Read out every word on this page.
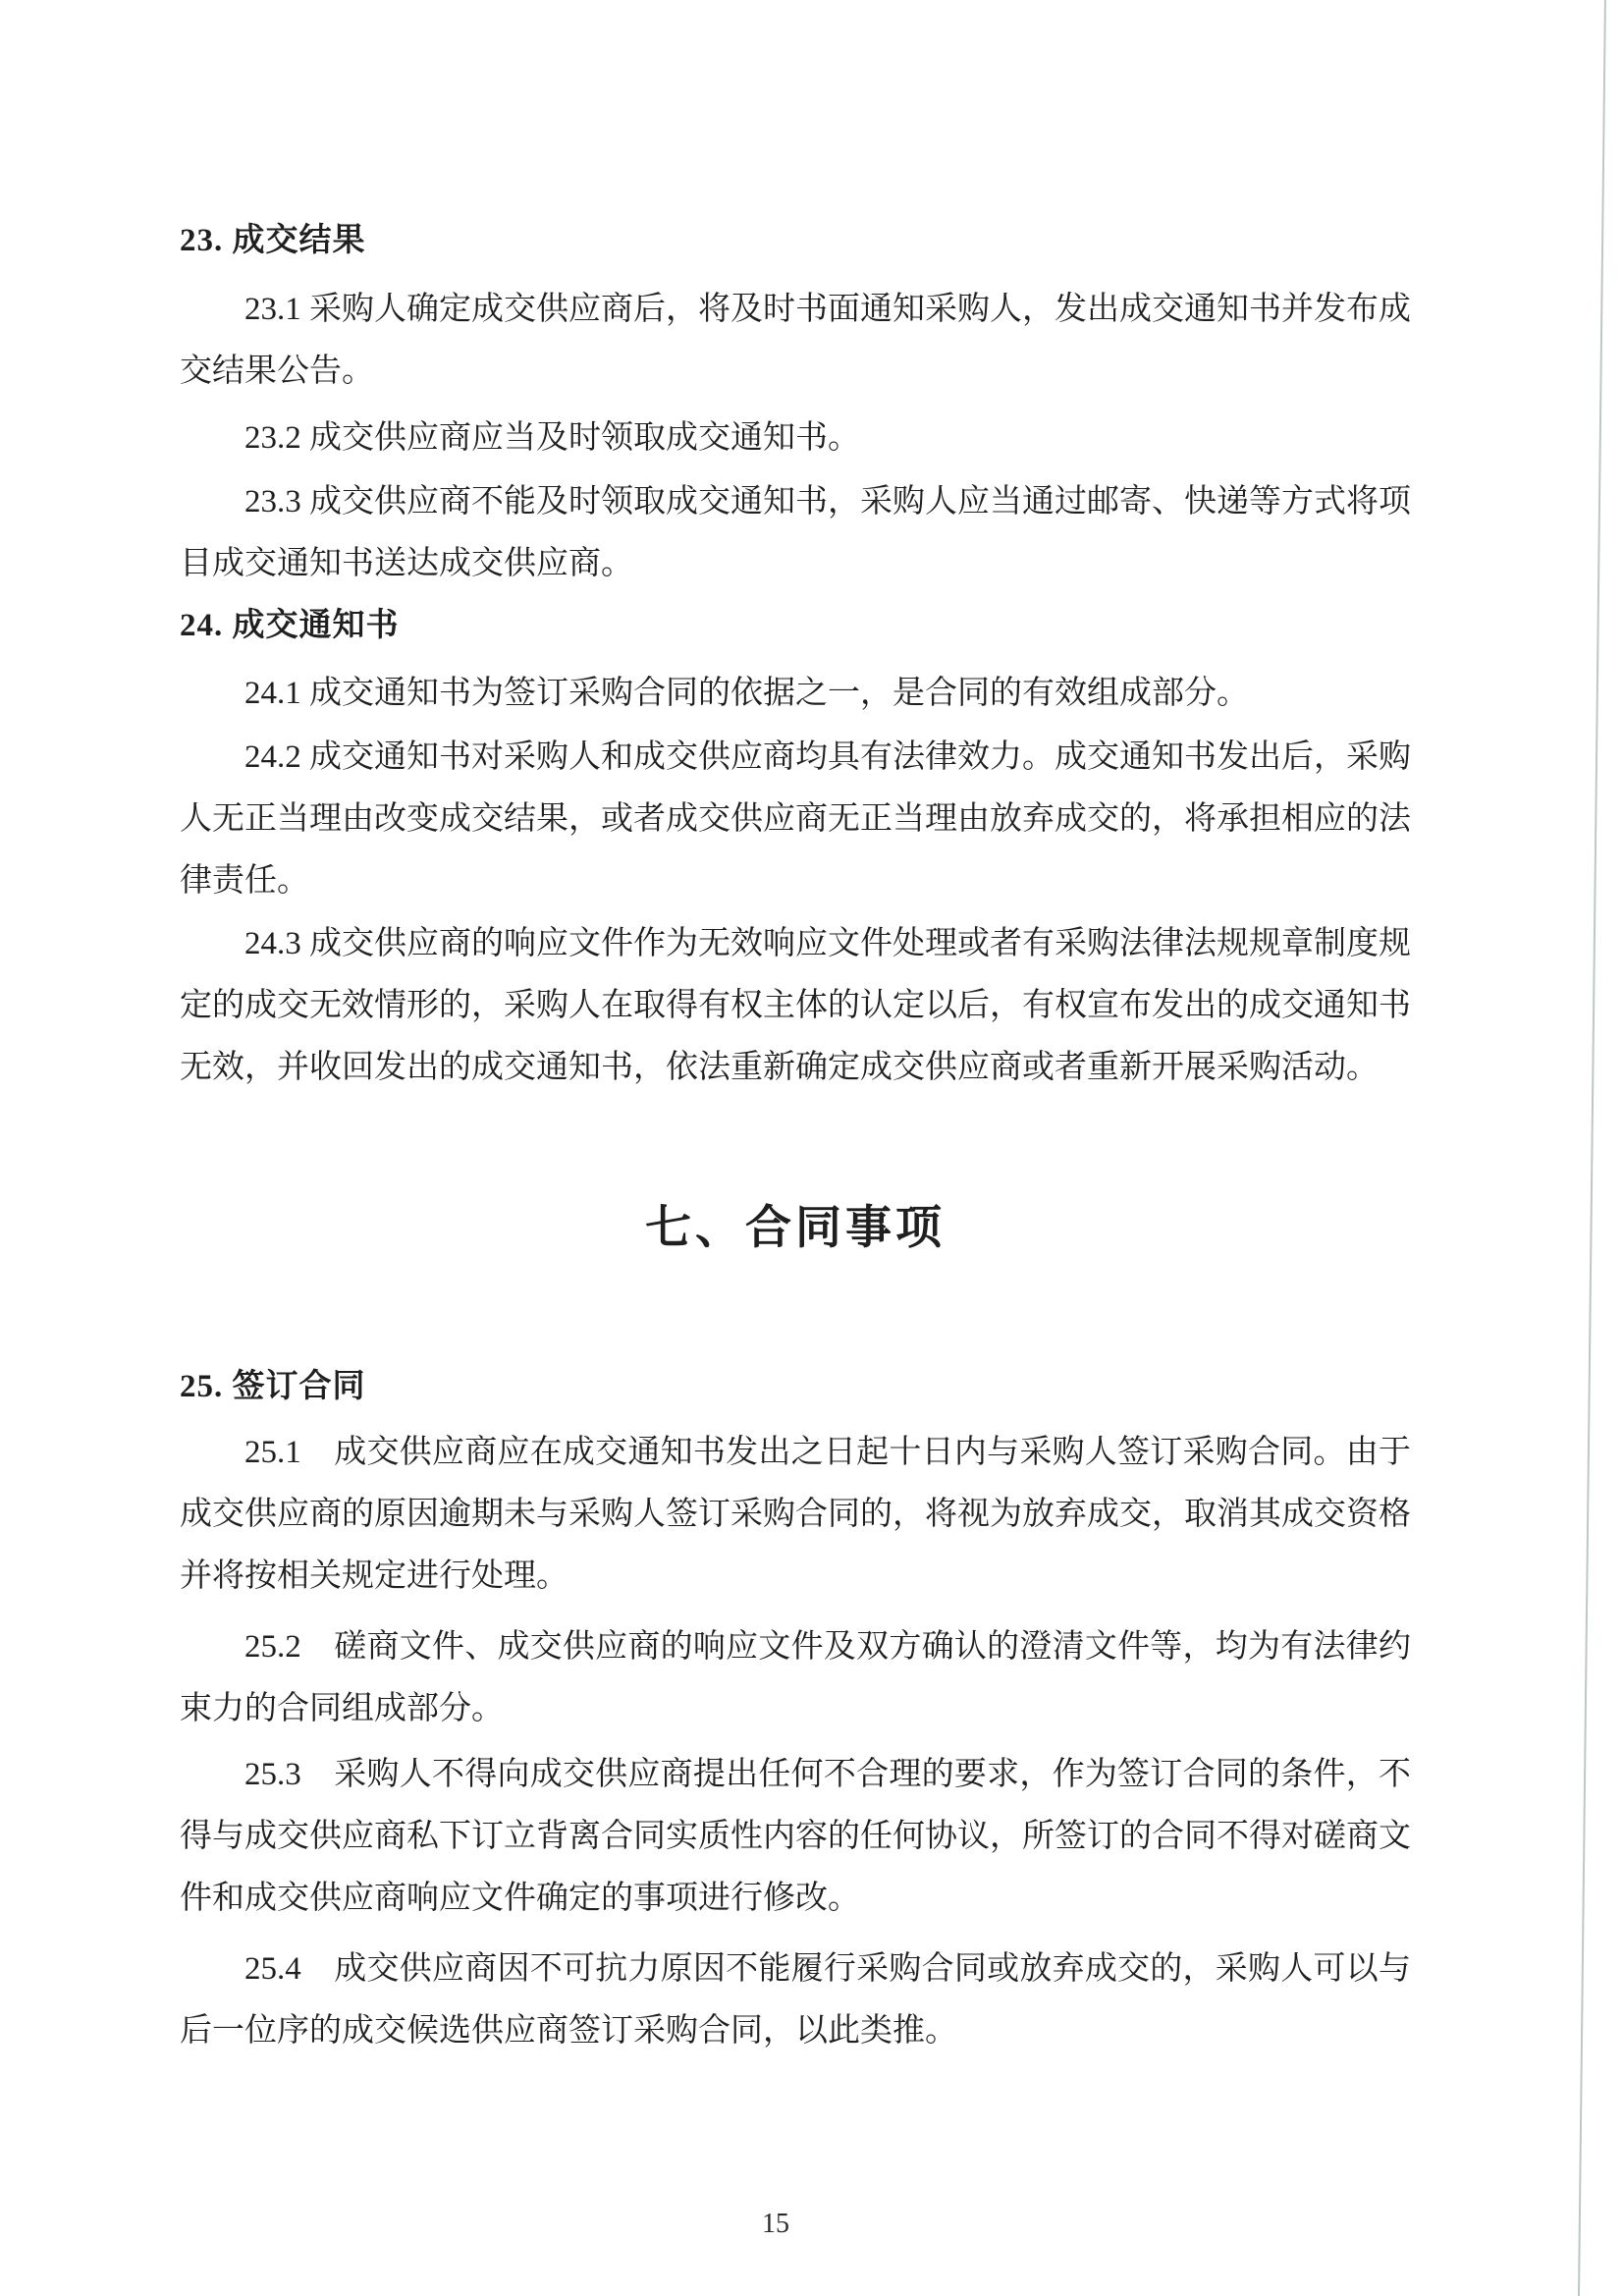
23. 成交结果

23.1 采购人确定成交供应商后，将及时书面通知采购人，发出成交通知书并发布成交结果公告。

23.2 成交供应商应当及时领取成交通知书。

23.3 成交供应商不能及时领取成交通知书，采购人应当通过邮寄、快递等方式将项目成交通知书送达成交供应商。

24. 成交通知书

24.1 成交通知书为签订采购合同的依据之一，是合同的有效组成部分。

24.2 成交通知书对采购人和成交供应商均具有法律效力。成交通知书发出后，采购人无正当理由改变成交结果，或者成交供应商无正当理由放弃成交的，将承担相应的法律责任。

24.3 成交供应商的响应文件作为无效响应文件处理或者有采购法律法规规章制度规定的成交无效情形的，采购人在取得有权主体的认定以后，有权宣布发出的成交通知书无效，并收回发出的成交通知书，依法重新确定成交供应商或者重新开展采购活动。

七、合同事项
25. 签订合同

25.1　成交供应商应在成交通知书发出之日起十日内与采购人签订采购合同。由于成交供应商的原因逾期未与采购人签订采购合同的，将视为放弃成交，取消其成交资格并将按相关规定进行处理。

25.2　磋商文件、成交供应商的响应文件及双方确认的澄清文件等，均为有法律约束力的合同组成部分。

25.3　采购人不得向成交供应商提出任何不合理的要求，作为签订合同的条件，不得与成交供应商私下订立背离合同实质性内容的任何协议，所签订的合同不得对磋商文件和成交供应商响应文件确定的事项进行修改。

25.4　成交供应商因不可抗力原因不能履行采购合同或放弃成交的，采购人可以与后一位序的成交候选供应商签订采购合同，以此类推。

15
